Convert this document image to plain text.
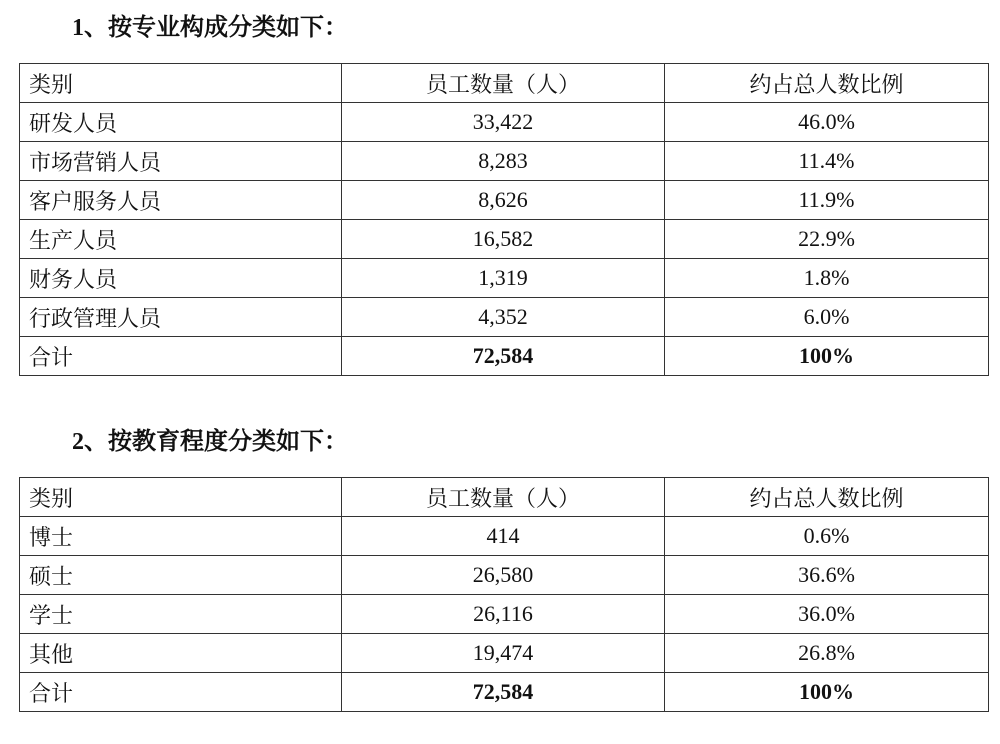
1、按专业构成分类如下：
类别	员工数量（人）	约占总人数比例
研发人员	33,422	46.0%
市场营销人员	8,283	11.4%
客户服务人员	8,626	11.9%
生产人员	16,582	22.9%
财务人员	1,319	1.8%
行政管理人员	4,352	6.0%
合计	72,584	100%
2、按教育程度分类如下：
类别	员工数量（人）	约占总人数比例
博士	414	0.6%
硕士	26,580	36.6%
学士	26,116	36.0%
其他	19,474	26.8%
合计	72,584	100%
